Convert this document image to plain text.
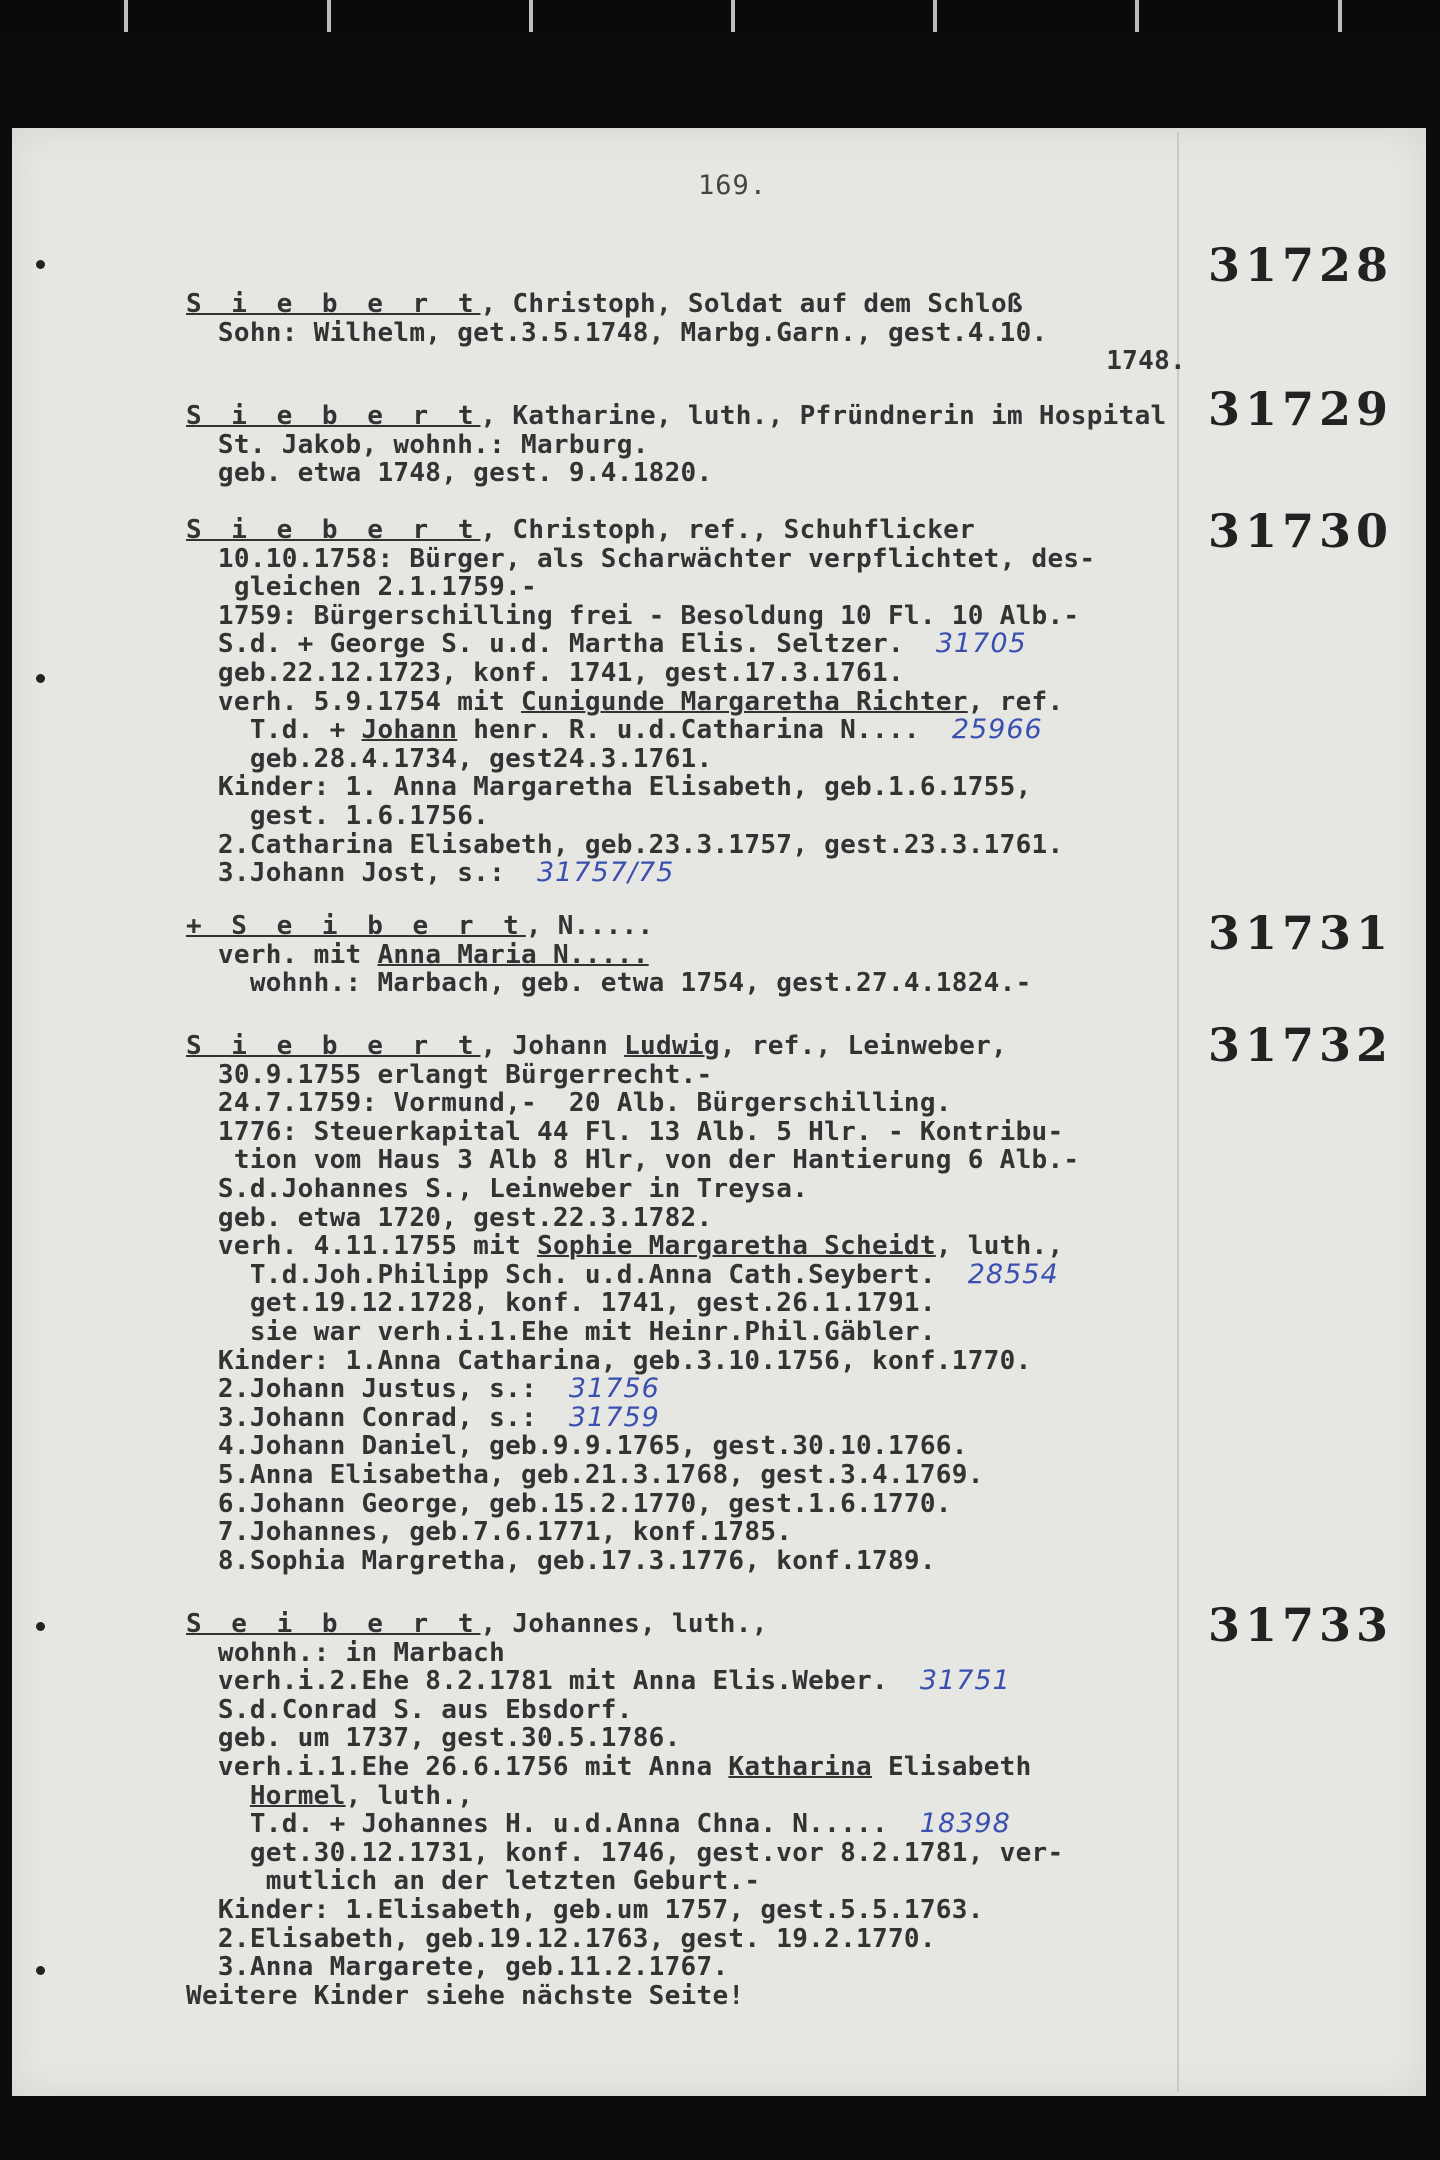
169.
31728
S i e b e r t, Christoph, Soldat auf dem Schloß
Sohn: Wilhelm, get.3.5.1748, Marbg.Garn., gest.4.10.
1748.
31729
S i e b e r t, Katharine, luth., Pfründnerin im Hospital
St. Jakob, wohnh.: Marburg.
geb. etwa 1748, gest. 9.4.1820.
31730
S i e b e r t, Christoph, ref., Schuhflicker
10.10.1758: Bürger, als Scharwächter verpflichtet, des-
gleichen 2.1.1759.-
1759: Bürgerschilling frei - Besoldung 10 Fl. 10 Alb.-
S.d. + George S. u.d. Martha Elis. Seltzer. 31705
geb.22.12.1723, konf. 1741, gest.17.3.1761.
verh. 5.9.1754 mit Cunigunde Margaretha Richter, ref.
T.d. + Johann henr. R. u.d.Catharina N.... 25966
geb.28.4.1734, gest24.3.1761.
Kinder: 1. Anna Margaretha Elisabeth, geb.1.6.1755,
gest. 1.6.1756.
2.Catharina Elisabeth, geb.23.3.1757, gest.23.3.1761.
3.Johann Jost, s.: 31757/75
31731
+ S e i b e r t, N.....
verh. mit Anna Maria N.....
wohnh.: Marbach, geb. etwa 1754, gest.27.4.1824.-
31732
S i e b e r t, Johann Ludwig, ref., Leinweber,
30.9.1755 erlangt Bürgerrecht.-
24.7.1759: Vormund,-  20 Alb. Bürgerschilling.
1776: Steuerkapital 44 Fl. 13 Alb. 5 Hlr. - Kontribu-
tion vom Haus 3 Alb 8 Hlr, von der Hantierung 6 Alb.-
S.d.Johannes S., Leinweber in Treysa.
geb. etwa 1720, gest.22.3.1782.
verh. 4.11.1755 mit Sophie Margaretha Scheidt, luth.,
T.d.Joh.Philipp Sch. u.d.Anna Cath.Seybert. 28554
get.19.12.1728, konf. 1741, gest.26.1.1791.
sie war verh.i.1.Ehe mit Heinr.Phil.Gäbler.
Kinder: 1.Anna Catharina, geb.3.10.1756, konf.1770.
2.Johann Justus, s.: 31756
3.Johann Conrad, s.: 31759
4.Johann Daniel, geb.9.9.1765, gest.30.10.1766.
5.Anna Elisabetha, geb.21.3.1768, gest.3.4.1769.
6.Johann George, geb.15.2.1770, gest.1.6.1770.
7.Johannes, geb.7.6.1771, konf.1785.
8.Sophia Margretha, geb.17.3.1776, konf.1789.
31733
S e i b e r t, Johannes, luth.,
wohnh.: in Marbach
verh.i.2.Ehe 8.2.1781 mit Anna Elis.Weber. 31751
S.d.Conrad S. aus Ebsdorf.
geb. um 1737, gest.30.5.1786.
verh.i.1.Ehe 26.6.1756 mit Anna Katharina Elisabeth
Hormel, luth.,
T.d. + Johannes H. u.d.Anna Chna. N..... 18398
get.30.12.1731, konf. 1746, gest.vor 8.2.1781, ver-
mutlich an der letzten Geburt.-
Kinder: 1.Elisabeth, geb.um 1757, gest.5.5.1763.
2.Elisabeth, geb.19.12.1763, gest. 19.2.1770.
3.Anna Margarete, geb.11.2.1767.
Weitere Kinder siehe nächste Seite!
